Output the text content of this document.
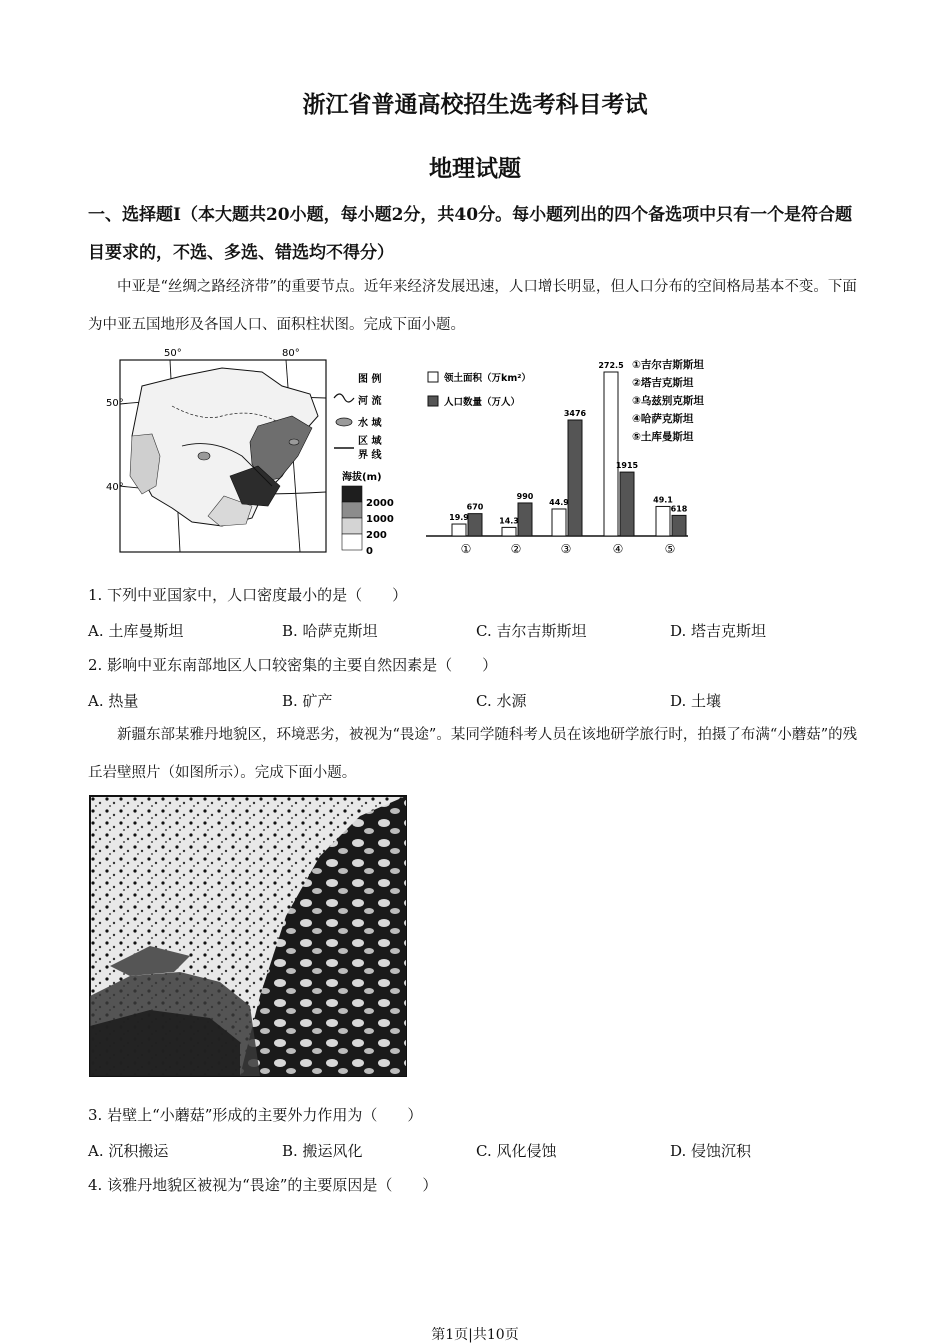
浙江省普通高校招生选考科目考试
地理试题
一、选择题Ⅰ（本大题共20小题，每小题2分，共40分。每小题列出的四个备选项中只有一个是符合题目要求的，不选、多选、错选均不得分）
中亚是“丝绸之路经济带”的重要节点。近年来经济发展迅速，人口增长明显，但人口分布的空间格局基本不变。下面为中亚五国地形及各国人口、面积柱状图。完成下面小题。
50°	80°
50°
40°
图 例
河 流
水 域
区 域
界 线
海拔(m)
2000
1000
200
0
19.9
670
①
14.3
990
②
44.9
3476
③
272.5
1915
④
49.1
618
⑤
领土面积（万km²）
人口数量（万人）
①吉尔吉斯斯坦
②塔吉克斯坦
③乌兹别克斯坦
④哈萨克斯坦
⑤土库曼斯坦
1. 下列中亚国家中，人口密度最小的是（　　）
A. 土库曼斯坦	B. 哈萨克斯坦	C. 吉尔吉斯斯坦	D. 塔吉克斯坦
2. 影响中亚东南部地区人口较密集的主要自然因素是（　　）
A. 热量	B. 矿产	C. 水源	D. 土壤
新疆东部某雅丹地貌区，环境恶劣，被视为“畏途”。某同学随科考人员在该地研学旅行时，拍摄了布满“小蘑菇”的残丘岩壁照片（如图所示）。完成下面小题。
3. 岩壁上“小蘑菇”形成的主要外力作用为（　　）
A. 沉积搬运	B. 搬运风化	C. 风化侵蚀	D. 侵蚀沉积
4. 该雅丹地貌区被视为“畏途”的主要原因是（　　）
第1页|共10页
